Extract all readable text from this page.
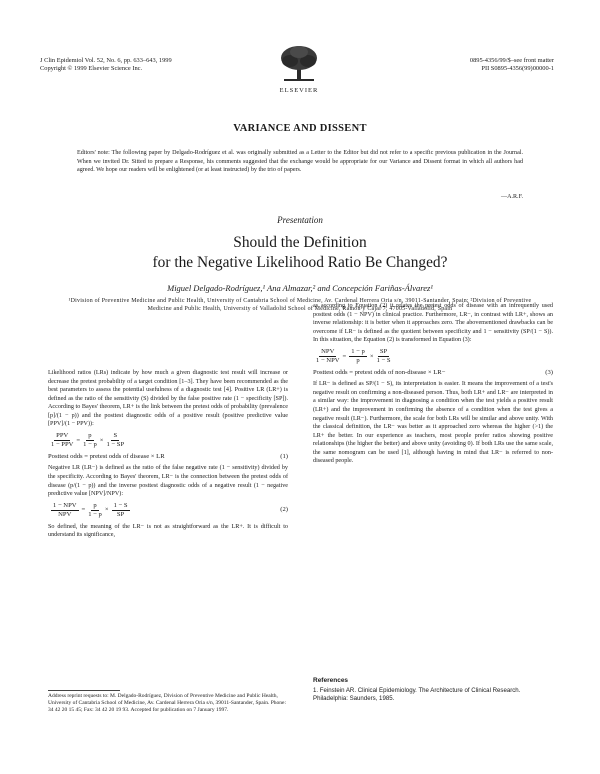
J Clin Epidemiol Vol. 52, No. 6, pp. 633–643, 1999
Copyright © 1999 Elsevier Science Inc.
ELSEVIER
0895-4356/99/$–see front matter
PII S0895-4356(99)00000-1
VARIANCE AND DISSENT
Editors' note: The following paper by Delgado-Rodríguez et al. was originally submitted as a Letter to the Editor but did not refer to a specific previous publication in the Journal. When we invited Dr. Sitted to prepare a Response, his comments suggested that the exchange would be appropriate for our Variance and Dissent format in which all authors had agreed. We hope our readers will be enlightened (or at least instructed) by the trio of papers.
—A.R.F.
Presentation
Should the Definition
for the Negative Likelihood Ratio Be Changed?
Miguel Delgado-Rodríguez,¹ Ana Almazar,² and Concepción Fariñas-Álvarez¹
¹Division of Preventive Medicine and Public Health, University of Cantabria School of Medicine, Av. Cardenal Herrera Oria s/n, 39011-Santander, Spain; ²Division of Preventive Medicine and Public Health, University of Valladolid School of Medicine, Ramón y Cajal 7, 47005-Valladolid, Spain

Likelihood ratios (LRs) indicate by how much a given diagnostic test result will increase or decrease the pretest probability of a target condition [1–3]. They have been recommended as the best parameters to assess the potential usefulness of a diagnostic test [4]. Positive LR (LR+) is defined as the ratio of the sensitivity (S) divided by the false positive rate (1 − specificity [SP]). According to Bayes' theorem, LR+ is the link between the pretest odds of probability (prevalence [p]/(1 − p)) and the posttest diagnostic odds of a positive result (positive predictive value [PPV]/(1 − PPV)):

$\frac{\text{PPV}}{\text{1 − PPV}} = \frac{p}{1 - p} \times \frac{S}{1 - SP}$
Posttest odds = pretest odds of disease × LR	(1)

Negative LR (LR−) is defined as the ratio of the false negative rate (1 − sensitivity) divided by the specificity. According to Bayes' theorem, LR− is the connection between the pretest odds of disease (p/(1 − p)) and the inverse posttest diagnostic odds of a negative result (1 − negative predictive value [NPV]/NPV):

$\frac{\text{1 − NPV}}{\text{NPV}} = \frac{p}{1 - p} \times \frac{1 - S}{SP}$	(2)

So defined, the meaning of the LR− is not as straightforward as the LR+. It is difficult to understand its significance,

Address reprint requests to: M. Delgado-Rodríguez, Division of Preventive Medicine and Public Health, University of Cantabria School of Medicine, Av. Cardenal Herrera Oria s/n, 39011-Santander, Spain. Phone: 34 42 20 15 45; Fax: 34 42 20 19 93. Accepted for publication on 7 January 1997.

as according to Equation (2) it relates the pretest odds of disease with an infrequently used posttest odds (1 − NPV) in clinical practice. Furthermore, LR−, in contrast with LR+, shows an inverse relationship: it is better when it approaches zero. The abovementioned drawbacks can be overcome if LR− is defined as the quotient between specificity and 1 − sensitivity (SP/(1 − S)). In this situation, the Equation (2) is transformed in Equation (3):

$\frac{\text{NPV}}{\text{1 − NPV}} = \frac{1 - p}{p} \times \frac{SP}{1 - S}$
Posttest odds = pretest odds of non-disease × LR−	(3)

If LR− is defined as SP/(1 − S), its interpretation is easier. It means the improvement of a test's negative result on confirming a non-diseased person. Thus, both LR+ and LR− are interpreted in a similar way: the improvement in diagnosing a condition when the test yields a positive result (LR+) and the improvement in confirming the absence of a condition when the test gives a negative result (LR−). Furthermore, the scale for both LRs will be similar and above unity. With the classical definition, the LR− was better as it approached zero whereas the higher (>1) the LR+ the better. In our experience as teachers, most people prefer ratios showing positive relationships (the higher the better) and above unity (avoiding 0). If both LRs use the same scale, the same nomogram can be used [1], although having in mind that LR− is referred to non-diseased people.

References
1. Feinstein AR. Clinical Epidemiology. The Architecture of Clinical Research. Philadelphia: Saunders, 1985.
